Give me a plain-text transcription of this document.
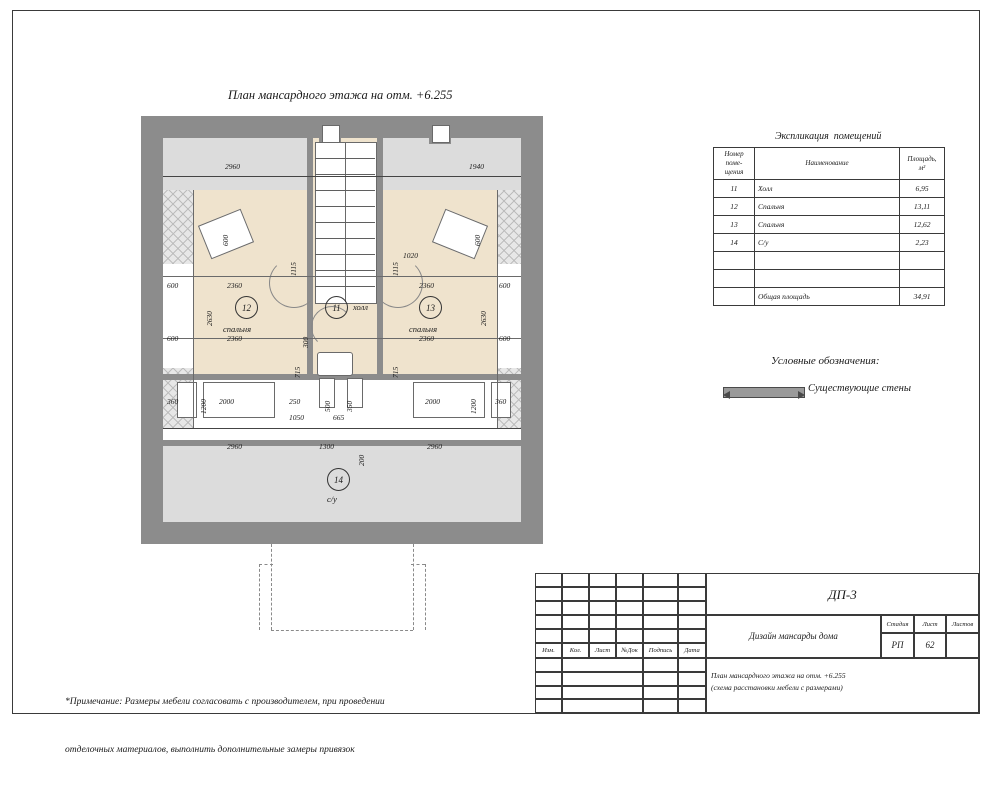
План мансардного этажа на отм. +6.255

2960	1940
600
600
2360
2360
360	2000
2360
2360
600
600
2000	360
1020
600
1115
2630
1115
600
2630
1200	1200
715	715
300
500 350
200
250
1050	665
2960	1300	2960
12
спальня
11	холл	13
спальня
14
с/у
Экспликация  помещений
Номер
поме-
щения	Наименование	Площадь,
м²
11	Холл	6,95
12	Спальня	13,11
13	Спальня	12,62
14	С/у	2,23

	Общая площадь	34,91
Условные обозначения:
Существующие стены

*Примечание: Размеры мебели согласовать с производителем, при проведении

отделочных материалов, выполнить дополнительные замеры привязок

Изм.	Кол.	Лист	№Док	Подпись	Дата
ДП-3
Дизайн мансарды дома
Стадия	Лист	Листов
РП	62
План мансардного этажа на отм. +6.255
(схема расстановки мебели с размерами)
